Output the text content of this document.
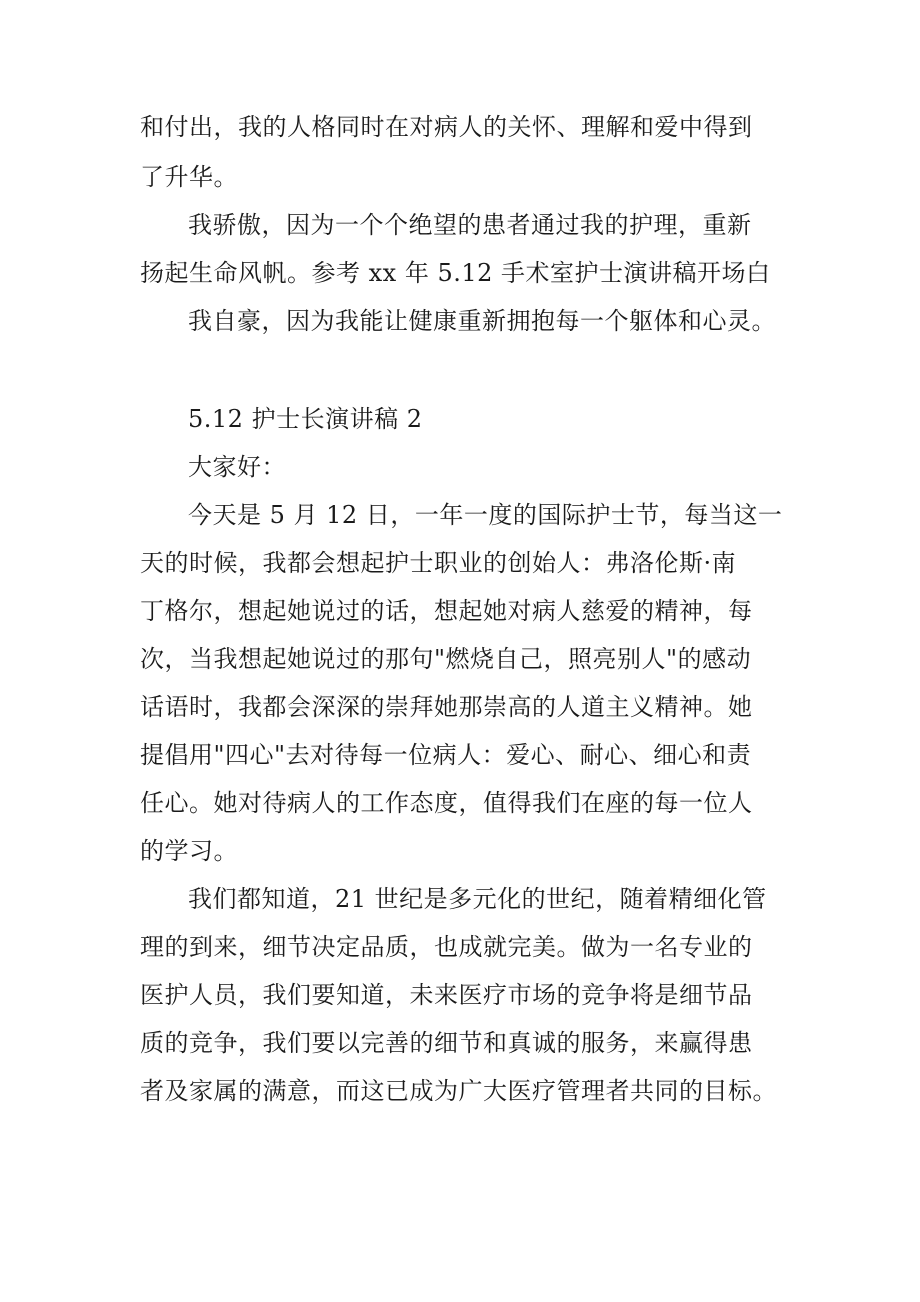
和付出，我的人格同时在对病人的关怀、理解和爱中得到
了升华。
我骄傲，因为一个个绝望的患者通过我的护理，重新
扬起生命风帆。参考 xx 年 5.12 手术室护士演讲稿开场白
我自豪，因为我能让健康重新拥抱每一个躯体和心灵。
5.12 护士长演讲稿 2
大家好：
今天是 5 月 12 日，一年一度的国际护士节，每当这一
天的时候，我都会想起护士职业的创始人：弗洛伦斯·南
丁格尔，想起她说过的话，想起她对病人慈爱的精神，每
次，当我想起她说过的那句"燃烧自己，照亮别人"的感动
话语时，我都会深深的崇拜她那崇高的人道主义精神。她
提倡用"四心"去对待每一位病人：爱心、耐心、细心和责
任心。她对待病人的工作态度，值得我们在座的每一位人
的学习。
我们都知道，21 世纪是多元化的世纪，随着精细化管
理的到来，细节决定品质，也成就完美。做为一名专业的
医护人员，我们要知道，未来医疗市场的竞争将是细节品
质的竞争，我们要以完善的细节和真诚的服务，来赢得患
者及家属的满意，而这已成为广大医疗管理者共同的目标。
